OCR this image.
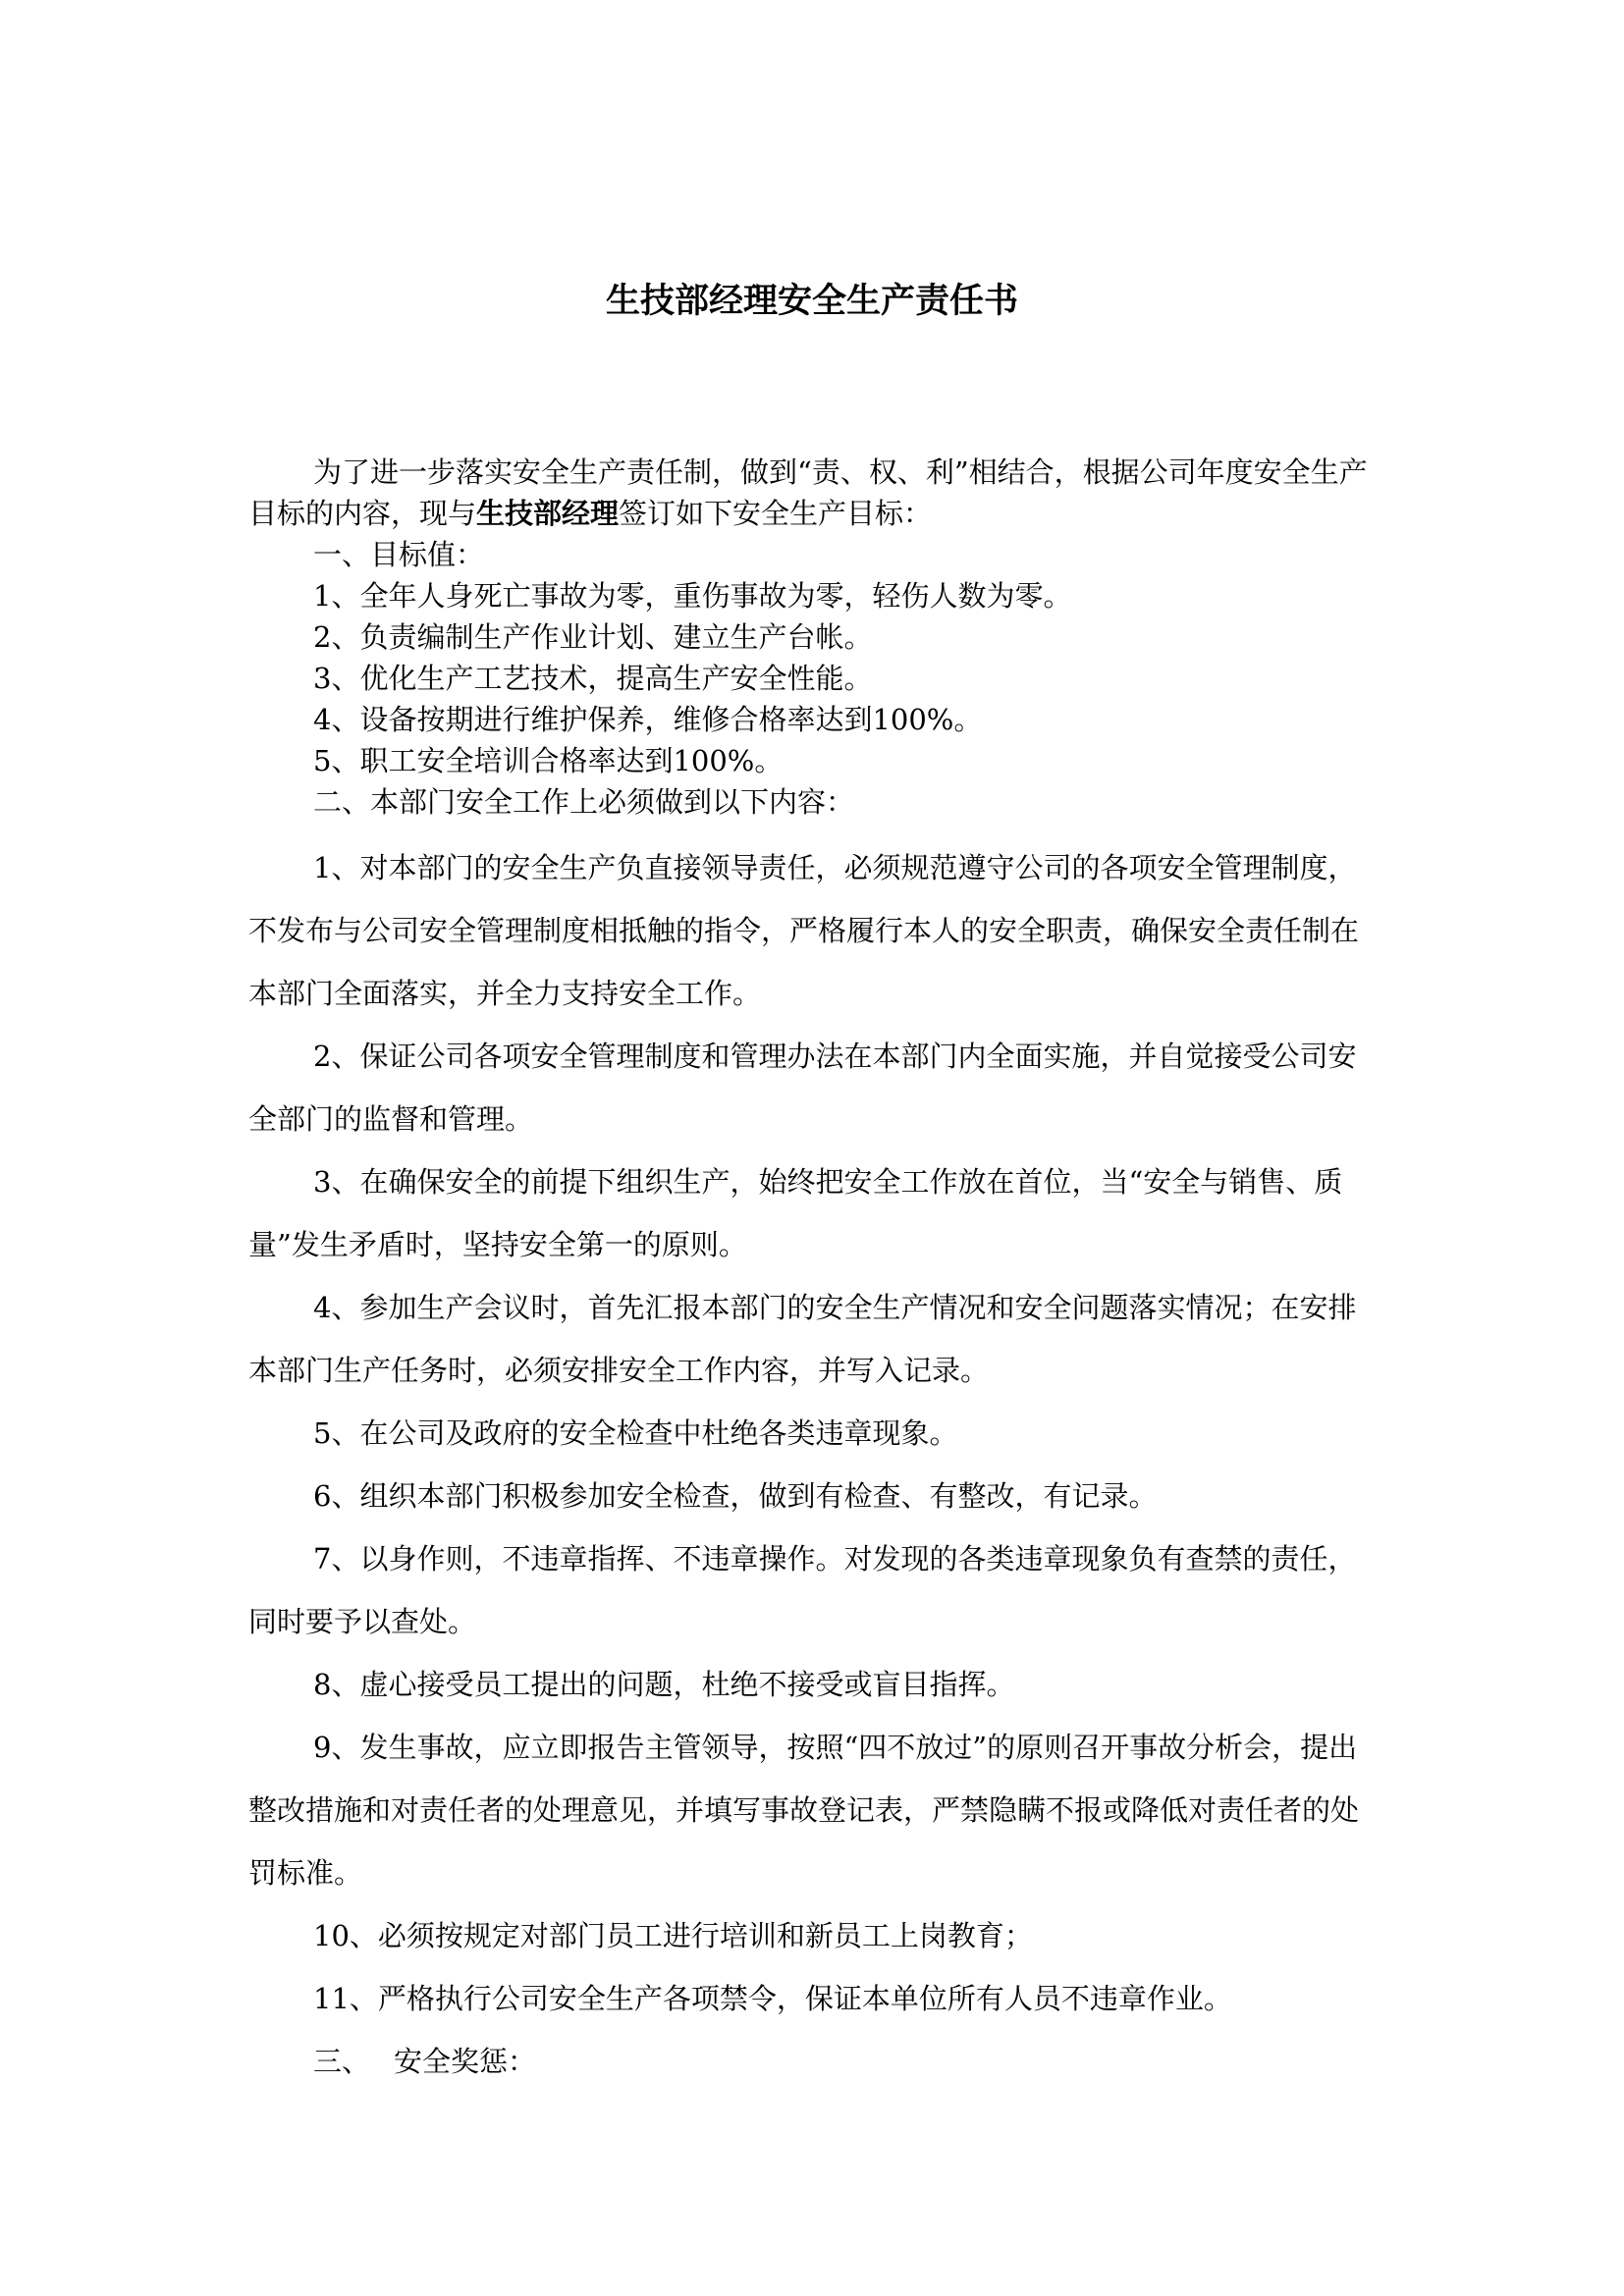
生技部经理安全生产责任书

为了进一步落实安全生产责任制，做到“责、权、利”相结合，根据公司年度安全生产目标的内容，现与生技部经理签订如下安全生产目标：

一、目标值：

1、全年人身死亡事故为零，重伤事故为零，轻伤人数为零。

2、负责编制生产作业计划、建立生产台帐。

3、优化生产工艺技术，提高生产安全性能。

4、设备按期进行维护保养，维修合格率达到100%。

5、职工安全培训合格率达到100%。

二、本部门安全工作上必须做到以下内容：

1、对本部门的安全生产负直接领导责任，必须规范遵守公司的各项安全管理制度，不发布与公司安全管理制度相抵触的指令，严格履行本人的安全职责，确保安全责任制在本部门全面落实，并全力支持安全工作。

2、保证公司各项安全管理制度和管理办法在本部门内全面实施，并自觉接受公司安全部门的监督和管理。

3、在确保安全的前提下组织生产，始终把安全工作放在首位，当“安全与销售、质量”发生矛盾时，坚持安全第一的原则。

4、参加生产会议时，首先汇报本部门的安全生产情况和安全问题落实情况；在安排本部门生产任务时，必须安排安全工作内容，并写入记录。

5、在公司及政府的安全检查中杜绝各类违章现象。

6、组织本部门积极参加安全检查，做到有检查、有整改，有记录。

7、以身作则，不违章指挥、不违章操作。对发现的各类违章现象负有查禁的责任，同时要予以查处。

8、虚心接受员工提出的问题，杜绝不接受或盲目指挥。

9、发生事故，应立即报告主管领导，按照“四不放过”的原则召开事故分析会，提出整改措施和对责任者的处理意见，并填写事故登记表，严禁隐瞒不报或降低对责任者的处罚标准。

10、必须按规定对部门员工进行培训和新员工上岗教育；

11、严格执行公司安全生产各项禁令，保证本单位所有人员不违章作业。

三、 安全奖惩：
